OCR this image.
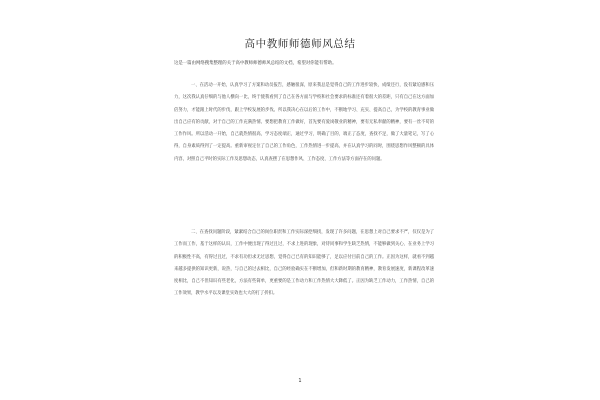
高中教师师德师风总结
这是一篇由网络搜集整理的关于高中教师师德师风总结的文档，希望对你能有帮助。
一、在活动一开始，认真学习了方案和动员报告，感触很深，原来我总是觉得自己的工作进步较快，成绩还行，没有紧迫感和压力，这次我认真仔细的与他人横向一比，终于使我看到了自己在各方面与学校和社会要求的标准还有着很大的差距，只有自己在这方面加倍努力，才能跟上时代的步伐，跟上学校发展的步伐。所以我决心在以后的工作中，不断地学习、充实、提高自己，为学校的教育事业做出自己应有的贡献，对于自己的工作充满热情。要想把教育工作做好，首先要有爱岗敬业的精神，要有无私奉献的精神，要有一丝不苟的工作作风。所以活动一开始，自己就热情很高，学习态度端正，通过学习，明确了目的，端正了态度，查找不足，做了大量笔记，写了心得，自身素质得到了一定提高。重新审视定位了自己的工作角色，工作热情进一步提高，并在认真学习的同时，围绕思想作风整顿的具体内容，对照自己平时的实际工作及思想动态，认真查摆了在思想作风、工作态度、工作方法等方面存在的问题。
二、在查找问题阶段，紧紧结合自己的岗位职责和工作实际深挖细找，发现了许多问题，在思想上对自己要求不严，仅仅是为了工作而工作，基于这样的认识，工作中便出现了得过且过，不求上进的现象，对待同事和学生缺乏热情，不能够做到关心、在业务上学习的积极性不高，有得过且过，不求有功但求无过思想，觉得自己已有的知识能够了，足以应付目前自己的工作。正因为这样，就看不到越来越多提供的知识更新，说热，与自己的过去相比，自己的经验确实在不断增加，但和新时期的教育精神，教育发展速度，新课程改革速度相比，自己不但知识有些老化，方法有些简单，更重要的是工作动力和工作热情大大降低了。正因为缺乏工作动力，工作热情，自己的工作效果，教学水平以及课堂实效也大大的打了折扣。
1
